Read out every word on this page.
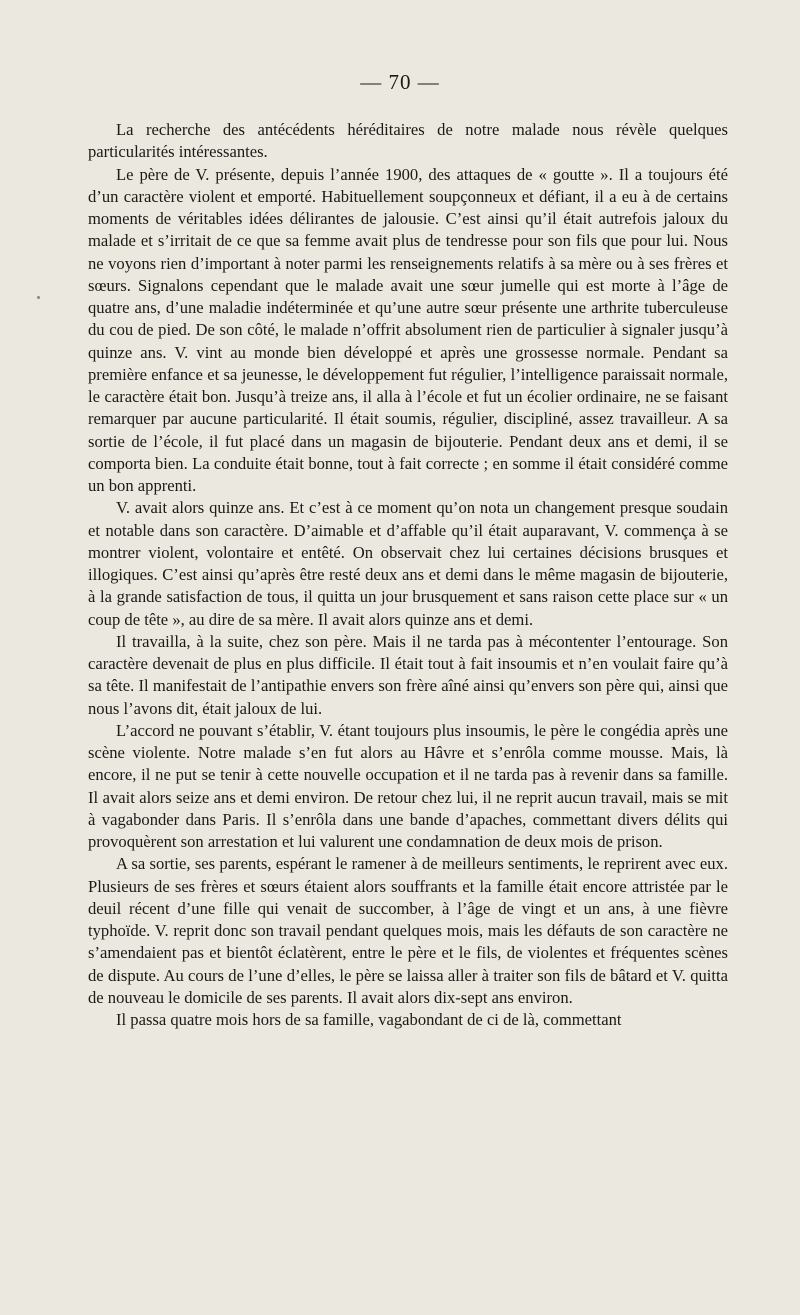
— 70 —

La recherche des antécédents héréditaires de notre malade nous révèle quelques particularités intéressantes.

Le père de V. présente, depuis l’année 1900, des attaques de « goutte ». Il a toujours été d’un caractère violent et emporté. Habituellement soupçonneux et défiant, il a eu à de certains moments de véritables idées délirantes de jalousie. C’est ainsi qu’il était autrefois jaloux du malade et s’irritait de ce que sa femme avait plus de tendresse pour son fils que pour lui. Nous ne voyons rien d’important à noter parmi les renseignements relatifs à sa mère ou à ses frères et sœurs. Signalons cependant que le malade avait une sœur jumelle qui est morte à l’âge de quatre ans, d’une maladie indéterminée et qu’une autre sœur présente une arthrite tuberculeuse du cou de pied. De son côté, le malade n’offrit absolument rien de particulier à signaler jusqu’à quinze ans. V. vint au monde bien développé et après une grossesse normale. Pendant sa première enfance et sa jeunesse, le développement fut régulier, l’intelligence paraissait normale, le caractère était bon. Jusqu’à treize ans, il alla à l’école et fut un écolier ordinaire, ne se faisant remarquer par aucune particularité. Il était soumis, régulier, discipliné, assez travailleur. A sa sortie de l’école, il fut placé dans un magasin de bijouterie. Pendant deux ans et demi, il se comporta bien. La conduite était bonne, tout à fait correcte ; en somme il était considéré comme un bon apprenti.

V. avait alors quinze ans. Et c’est à ce moment qu’on nota un changement presque soudain et notable dans son caractère. D’aimable et d’affable qu’il était auparavant, V. commença à se montrer violent, volontaire et entêté. On observait chez lui certaines décisions brusques et illogiques. C’est ainsi qu’après être resté deux ans et demi dans le même magasin de bijouterie, à la grande satisfaction de tous, il quitta un jour brusquement et sans raison cette place sur « un coup de tête », au dire de sa mère. Il avait alors quinze ans et demi.

Il travailla, à la suite, chez son père. Mais il ne tarda pas à mécontenter l’entourage. Son caractère devenait de plus en plus difficile. Il était tout à fait insoumis et n’en voulait faire qu’à sa tête. Il manifestait de l’antipathie envers son frère aîné ainsi qu’envers son père qui, ainsi que nous l’avons dit, était jaloux de lui.

L’accord ne pouvant s’établir, V. étant toujours plus insoumis, le père le congédia après une scène violente. Notre malade s’en fut alors au Hâvre et s’enrôla comme mousse. Mais, là encore, il ne put se tenir à cette nouvelle occupation et il ne tarda pas à revenir dans sa famille. Il avait alors seize ans et demi environ. De retour chez lui, il ne reprit aucun travail, mais se mit à vagabonder dans Paris. Il s’enrôla dans une bande d’apaches, commettant divers délits qui provoquèrent son arrestation et lui valurent une condamnation de deux mois de prison.

A sa sortie, ses parents, espérant le ramener à de meilleurs sentiments, le reprirent avec eux. Plusieurs de ses frères et sœurs étaient alors souffrants et la famille était encore attristée par le deuil récent d’une fille qui venait de succomber, à l’âge de vingt et un ans, à une fièvre typhoïde. V. reprit donc son travail pendant quelques mois, mais les défauts de son caractère ne s’amendaient pas et bientôt éclatèrent, entre le père et le fils, de violentes et fréquentes scènes de dispute. Au cours de l’une d’elles, le père se laissa aller à traiter son fils de bâtard et V. quitta de nouveau le domicile de ses parents. Il avait alors dix-sept ans environ.

Il passa quatre mois hors de sa famille, vagabondant de ci de là, commettant
